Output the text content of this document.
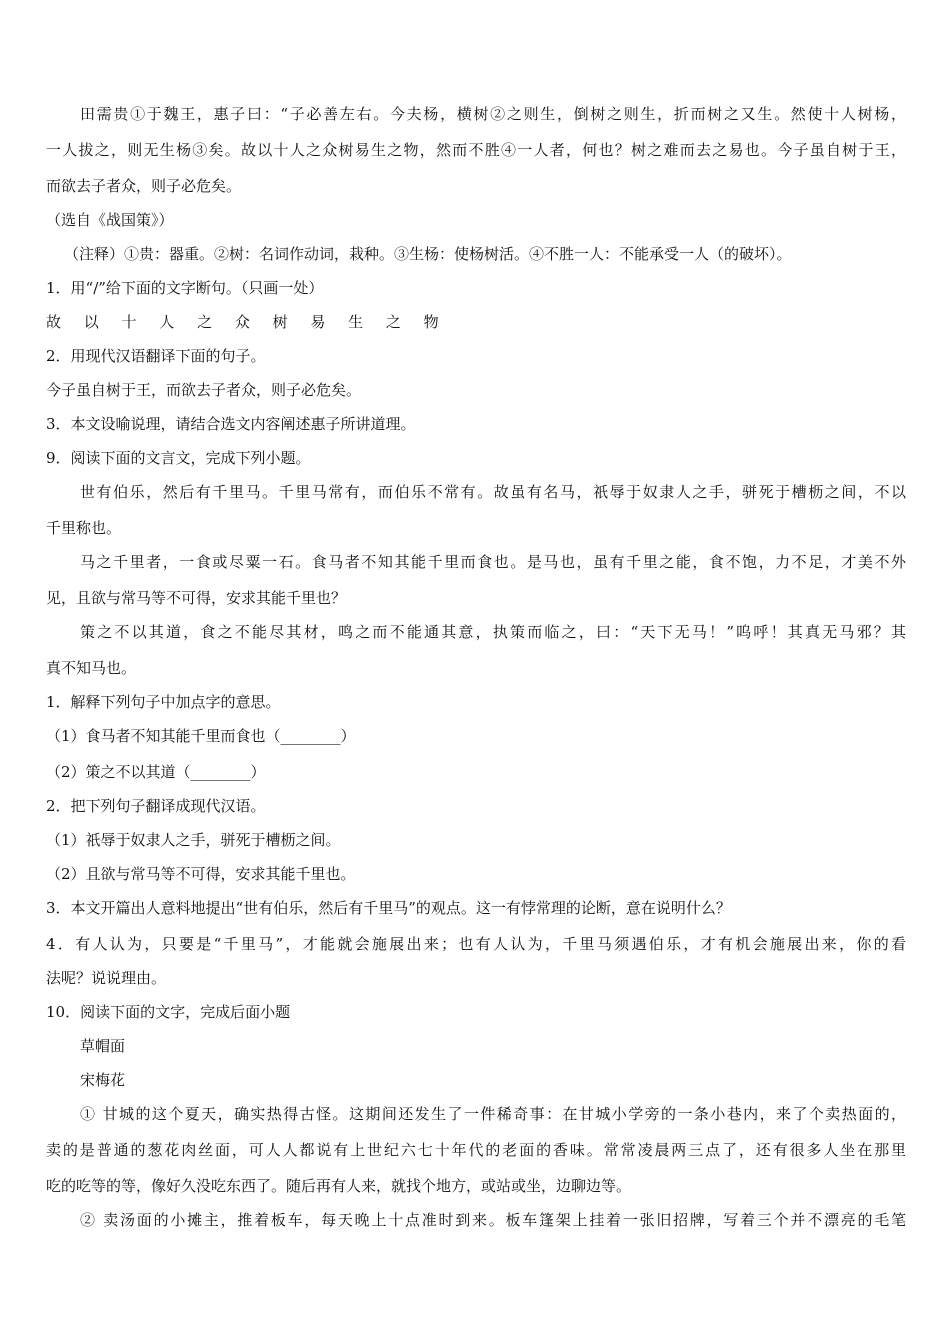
田需贵①于魏王，惠子曰：“子必善左右。今夫杨，横树②之则生，倒树之则生，折而树之又生。然使十人树杨，
一人拔之，则无生杨③矣。故以十人之众树易生之物，然而不胜④一人者，何也？树之难而去之易也。今子虽自树于王，
而欲去子者众，则子必危矣。
（选自《战国策》）
（注释）①贵：器重。②树：名词作动词，栽种。③生杨：使杨树活。④不胜一人：不能承受一人（的破坏）。
1．用“/”给下面的文字断句。（只画一处）
故 以 十 人 之 众 树 易 生 之 物
2．用现代汉语翻译下面的句子。
今子虽自树于王，而欲去子者众，则子必危矣。
3．本文设喻说理，请结合选文内容阐述惠子所讲道理。
9．阅读下面的文言文，完成下列小题。
世有伯乐，然后有千里马。千里马常有，而伯乐不常有。故虽有名马，祇辱于奴隶人之手，骈死于槽枥之间，不以
千里称也。
马之千里者，一食或尽粟一石。食马者不知其能千里而食也。是马也，虽有千里之能，食不饱，力不足，才美不外
见，且欲与常马等不可得，安求其能千里也？
策之不以其道，食之不能尽其材，鸣之而不能通其意，执策而临之，曰：“天下无马！”呜呼！其真无马邪？其
真不知马也。
1．解释下列句子中加点字的意思。
（1）食马者不知其能千里而食也（________）
（2）策之不以其道（________）
2．把下列句子翻译成现代汉语。
（1）祇辱于奴隶人之手，骈死于槽枥之间。
（2）且欲与常马等不可得，安求其能千里也。
3．本文开篇出人意料地提出“世有伯乐，然后有千里马”的观点。这一有悖常理的论断，意在说明什么？
4．有人认为，只要是“千里马”，才能就会施展出来；也有人认为，千里马须遇伯乐，才有机会施展出来，你的看
法呢？说说理由。
10．阅读下面的文字，完成后面小题
草帽面
宋梅花
① 甘城的这个夏天，确实热得古怪。这期间还发生了一件稀奇事：在甘城小学旁的一条小巷内，来了个卖热面的，
卖的是普通的葱花肉丝面，可人人都说有上世纪六七十年代的老面的香味。常常凌晨两三点了，还有很多人坐在那里
吃的吃等的等，像好久没吃东西了。随后再有人来，就找个地方，或站或坐，边聊边等。
② 卖汤面的小摊主，推着板车，每天晚上十点准时到来。板车篷架上挂着一张旧招牌，写着三个并不漂亮的毛笔
